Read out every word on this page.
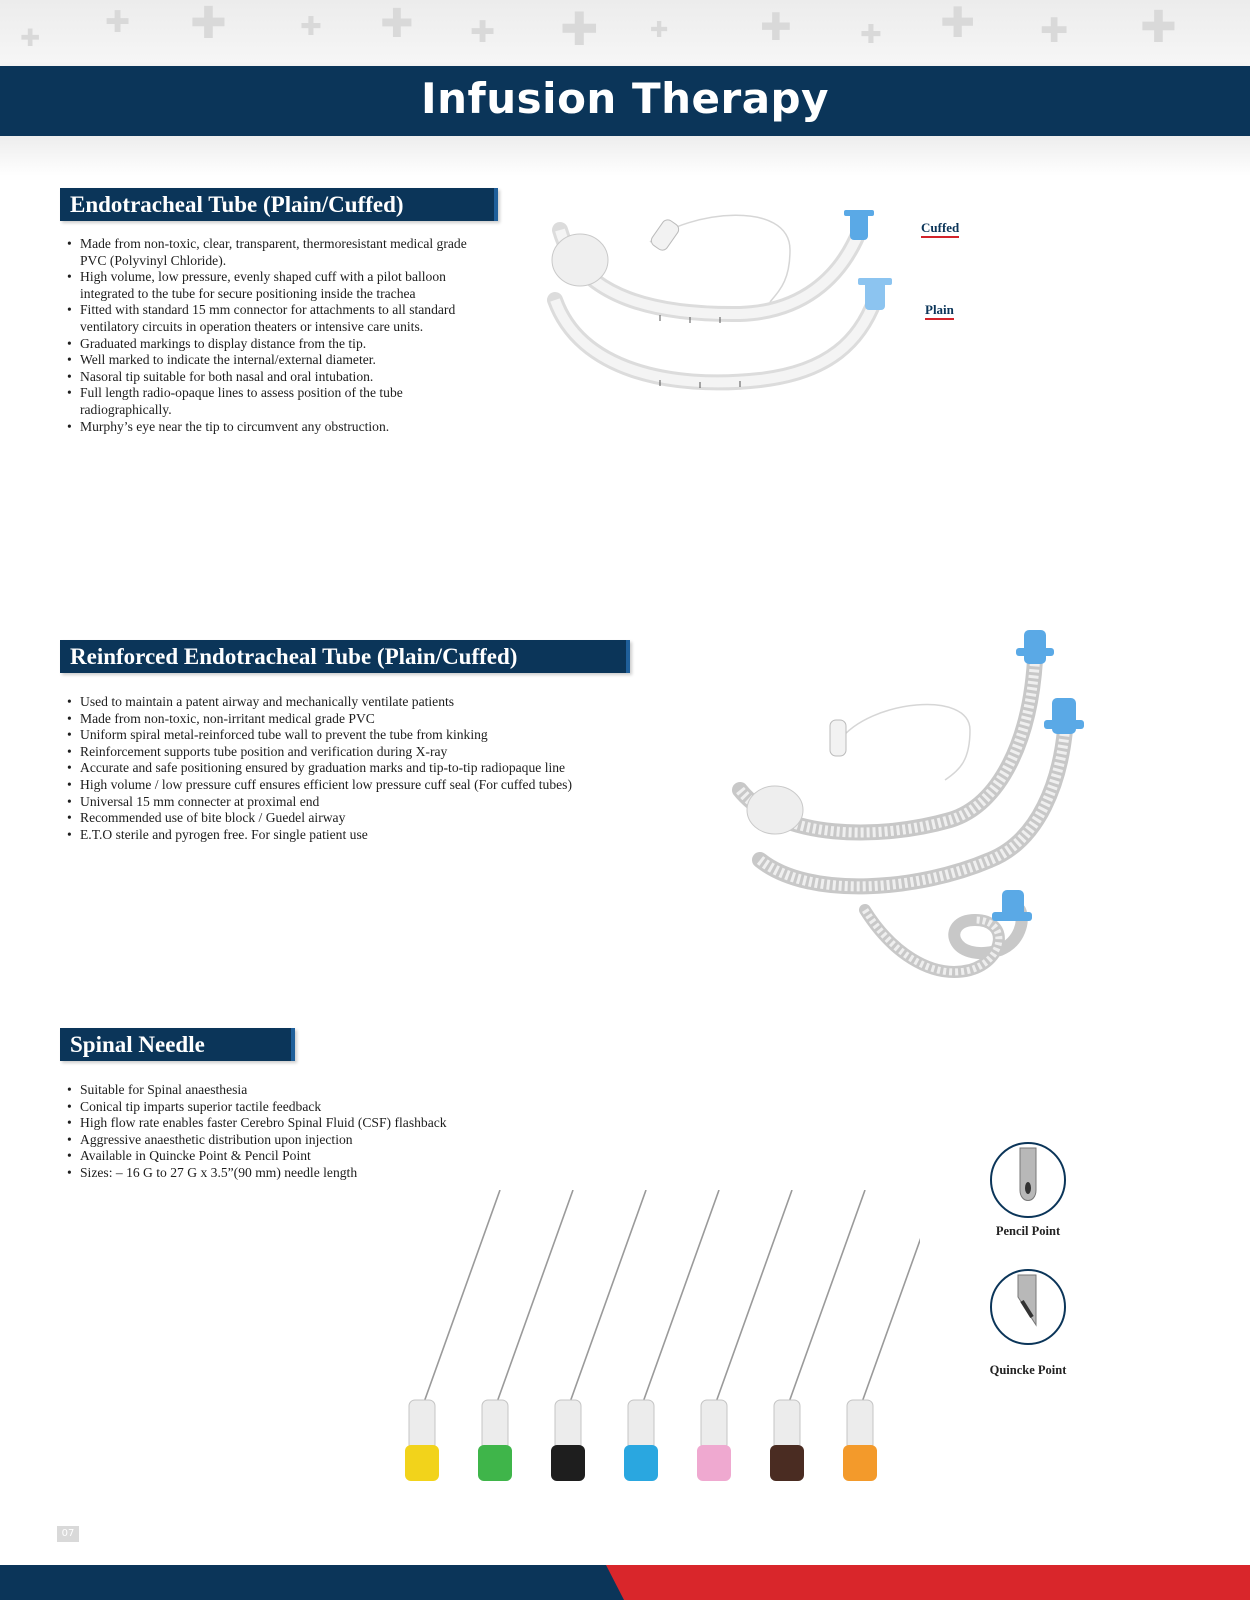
✚ ✚	✚ ✚ ✚ ✚ ✚ ✚	✚ ✚ ✚ ✚
✚
Infusion Therapy
Endotracheal Tube (Plain/Cuffed)
• Made from non-toxic, clear, transparent, thermoresistant medical grade PVC (Polyvinyl Chloride).
• High volume, low pressure, evenly shaped cuff with a pilot balloon integrated to the tube for secure positioning inside the trachea
• Fitted with standard 15 mm connector for attachments to all standard ventilatory circuits in operation theaters or intensive care units.
• Graduated markings to display distance from the tip.
• Well marked to indicate the internal/external diameter.
• Nasoral tip suitable for both nasal and oral intubation.
• Full length radio-opaque lines to assess position of the tube radiographically.
• Murphy’s eye near the tip to circumvent any obstruction.
Cuffed
Plain
Reinforced Endotracheal Tube (Plain/Cuffed)
• Used to maintain a patent airway and mechanically ventilate patients
• Made from non-toxic, non-irritant medical grade PVC
• Uniform spiral metal-reinforced tube wall to prevent the tube from kinking
• Reinforcement supports tube position and verification during X-ray
• Accurate and safe positioning ensured by graduation marks and tip-to-tip radiopaque line
• High volume / low pressure cuff ensures efficient low pressure cuff seal (For cuffed tubes)
• Universal 15 mm connecter at proximal end
• Recommended use of bite block / Guedel airway
• E.T.O sterile and pyrogen free. For single patient use
Spinal Needle
• Suitable for Spinal anaesthesia
• Conical tip imparts superior tactile feedback
• High flow rate enables faster Cerebro Spinal Fluid (CSF) flashback
• Aggressive anaesthetic distribution upon injection
• Available in Quincke Point & Pencil Point
• Sizes: – 16 G to 27 G x 3.5”(90 mm) needle length
Pencil Point
Quincke Point
07
